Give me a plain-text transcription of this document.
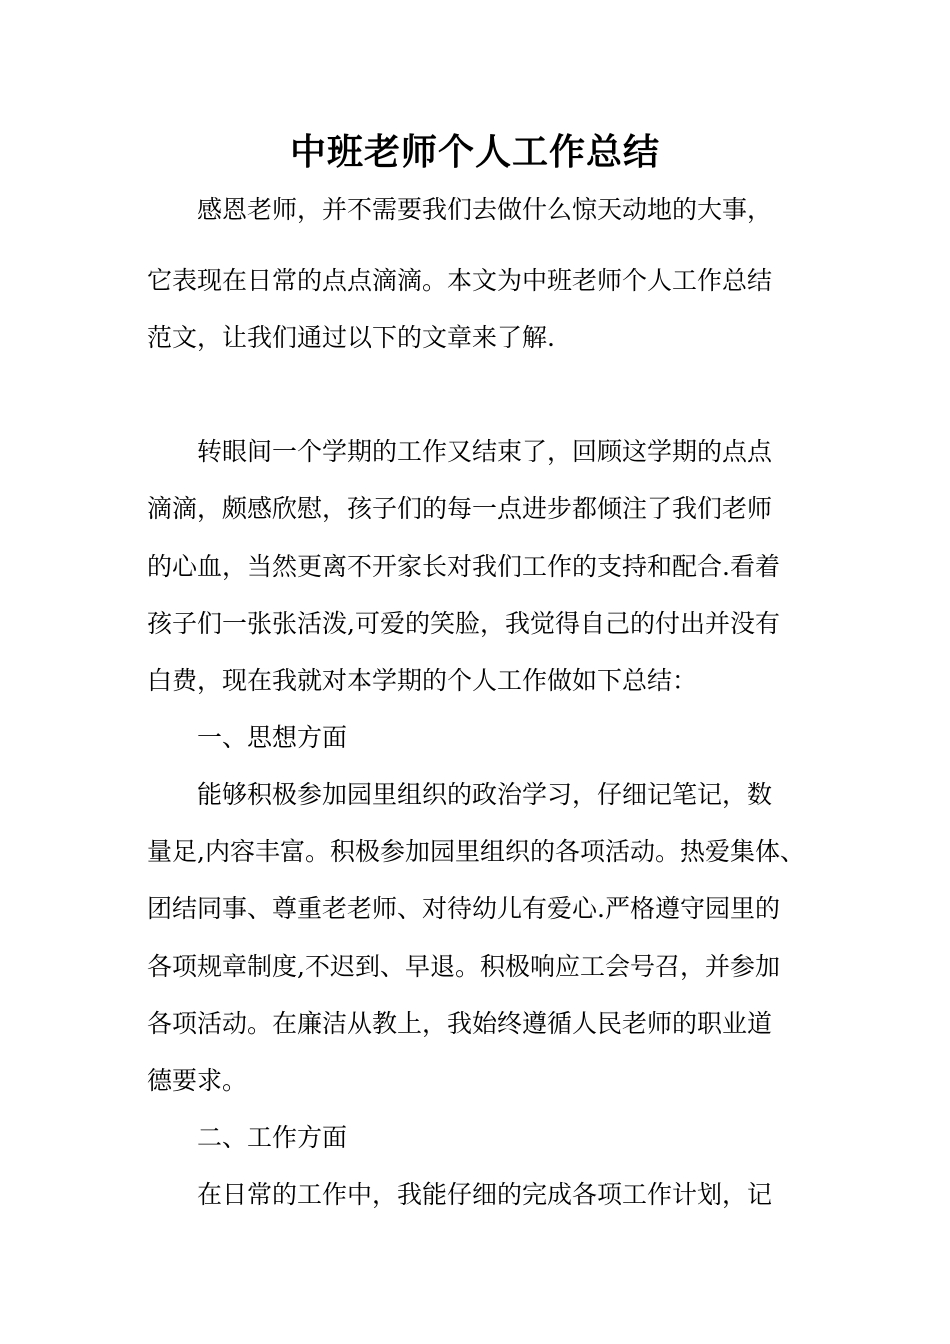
中班老师个人工作总结
感恩老师，并不需要我们去做什么惊天动地的大事，
它表现在日常的点点滴滴。本文为中班老师个人工作总结
范文，让我们通过以下的文章来了解.
转眼间一个学期的工作又结束了，回顾这学期的点点
滴滴，颇感欣慰，孩子们的每一点进步都倾注了我们老师
的心血，当然更离不开家长对我们工作的支持和配合.看着
孩子们一张张活泼,可爱的笑脸，我觉得自己的付出并没有
白费，现在我就对本学期的个人工作做如下总结：
一、思想方面
能够积极参加园里组织的政治学习，仔细记笔记，数
量足,内容丰富。积极参加园里组织的各项活动。热爱集体、
团结同事、尊重老老师、对待幼儿有爱心.严格遵守园里的
各项规章制度,不迟到、早退。积极响应工会号召，并参加
各项活动。在廉洁从教上，我始终遵循人民老师的职业道
德要求。
二、工作方面
在日常的工作中，我能仔细的完成各项工作计划，记
